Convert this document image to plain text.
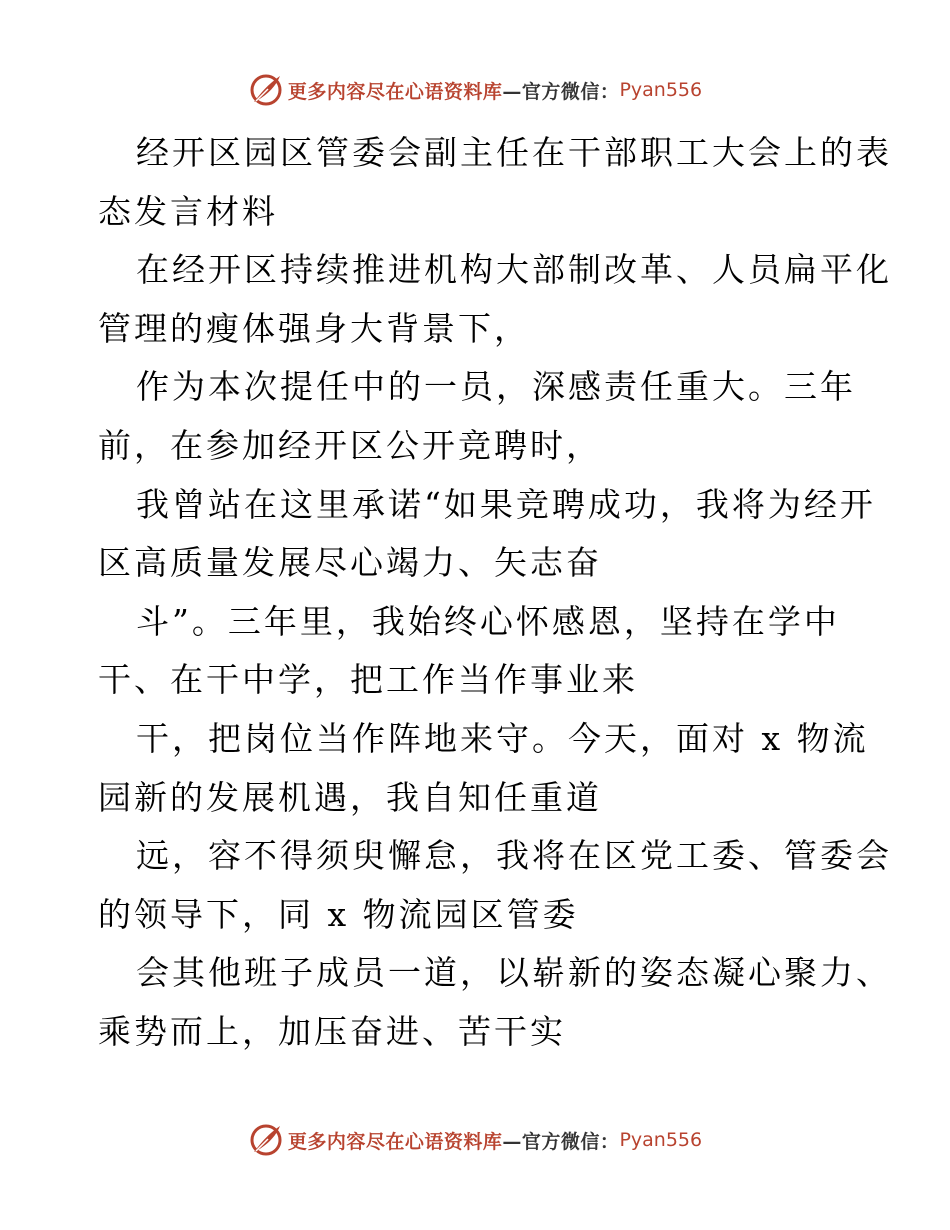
更多内容尽在心语资料库 —官方微信： Pyan556
经开区园区管委会副主任在干部职工大会上的表
态发言材料
在经开区持续推进机构大部制改革、人员扁平化
管理的瘦体强身大背景下，
作为本次提任中的一员，深感责任重大。三年
前，在参加经开区公开竞聘时，
我曾站在这里承诺“如果竞聘成功，我将为经开
区高质量发展尽心竭力、矢志奋
斗”。三年里，我始终心怀感恩，坚持在学中
干、在干中学，把工作当作事业来
干，把岗位当作阵地来守。今天，面对 x 物流
园新的发展机遇，我自知任重道
远，容不得须臾懈怠，我将在区党工委、管委会
的领导下，同 x 物流园区管委
会其他班子成员一道，以崭新的姿态凝心聚力、
乘势而上，加压奋进、苦干实
更多内容尽在心语资料库 —官方微信： Pyan556
